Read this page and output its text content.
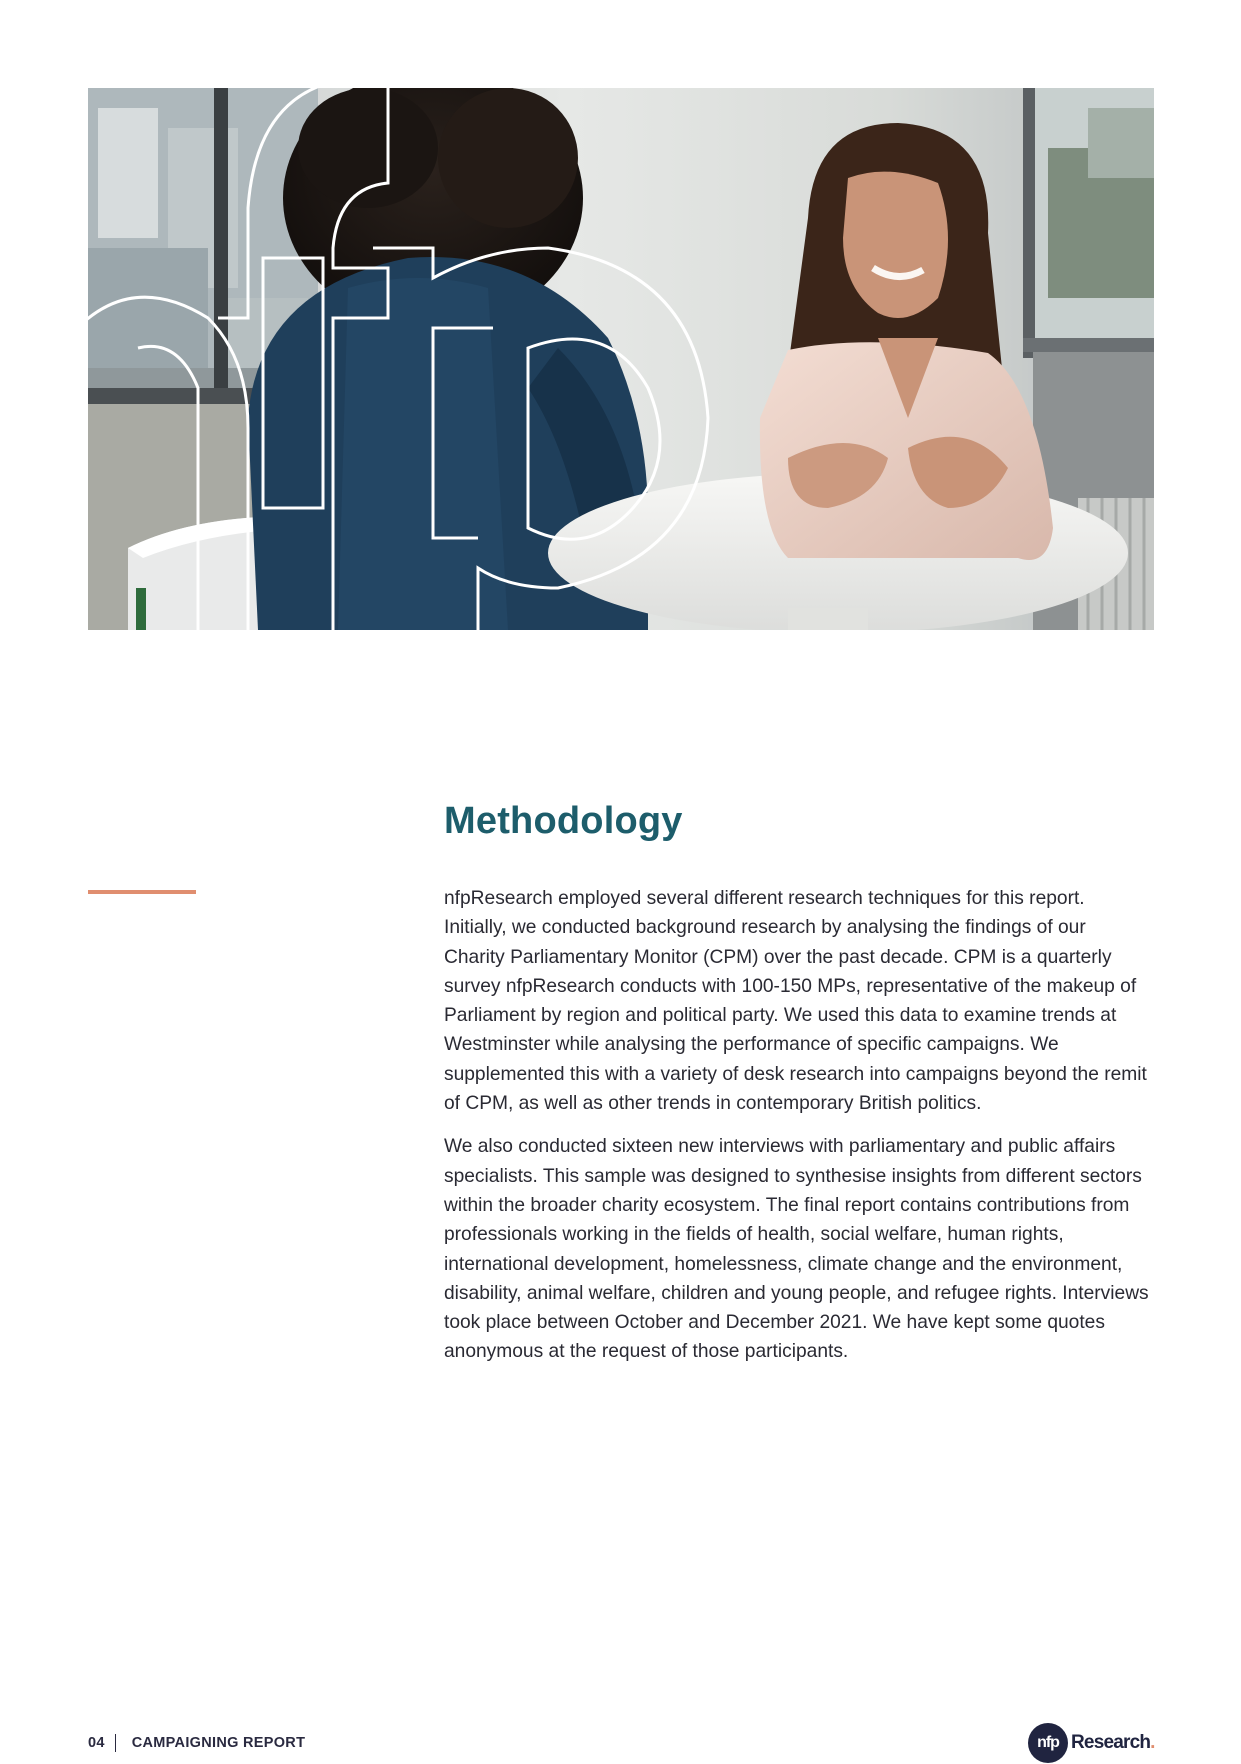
Methodology

nfpResearch employed several different research techniques for this report. Initially, we conducted background research by analysing the findings of our Charity Parliamentary Monitor (CPM) over the past decade. CPM is a quarterly survey nfpResearch conducts with 100-150 MPs, representative of the makeup of Parliament by region and political party. We used this data to examine trends at Westminster while analysing the performance of specific campaigns. We supplemented this with a variety of desk research into campaigns beyond the remit of CPM, as well as other trends in contemporary British politics.

We also conducted sixteen new interviews with parliamentary and public affairs specialists. This sample was designed to synthesise insights from different sectors within the broader charity ecosystem. The final report contains contributions from professionals working in the fields of health, social welfare, human rights, international development, homelessness, climate change and the environment, disability, animal welfare, children and young people, and refugee rights. Interviews took place between October and December 2021. We have kept some quotes anonymous at the request of those participants.

04 CAMPAIGNING REPORT	nfp Research.
